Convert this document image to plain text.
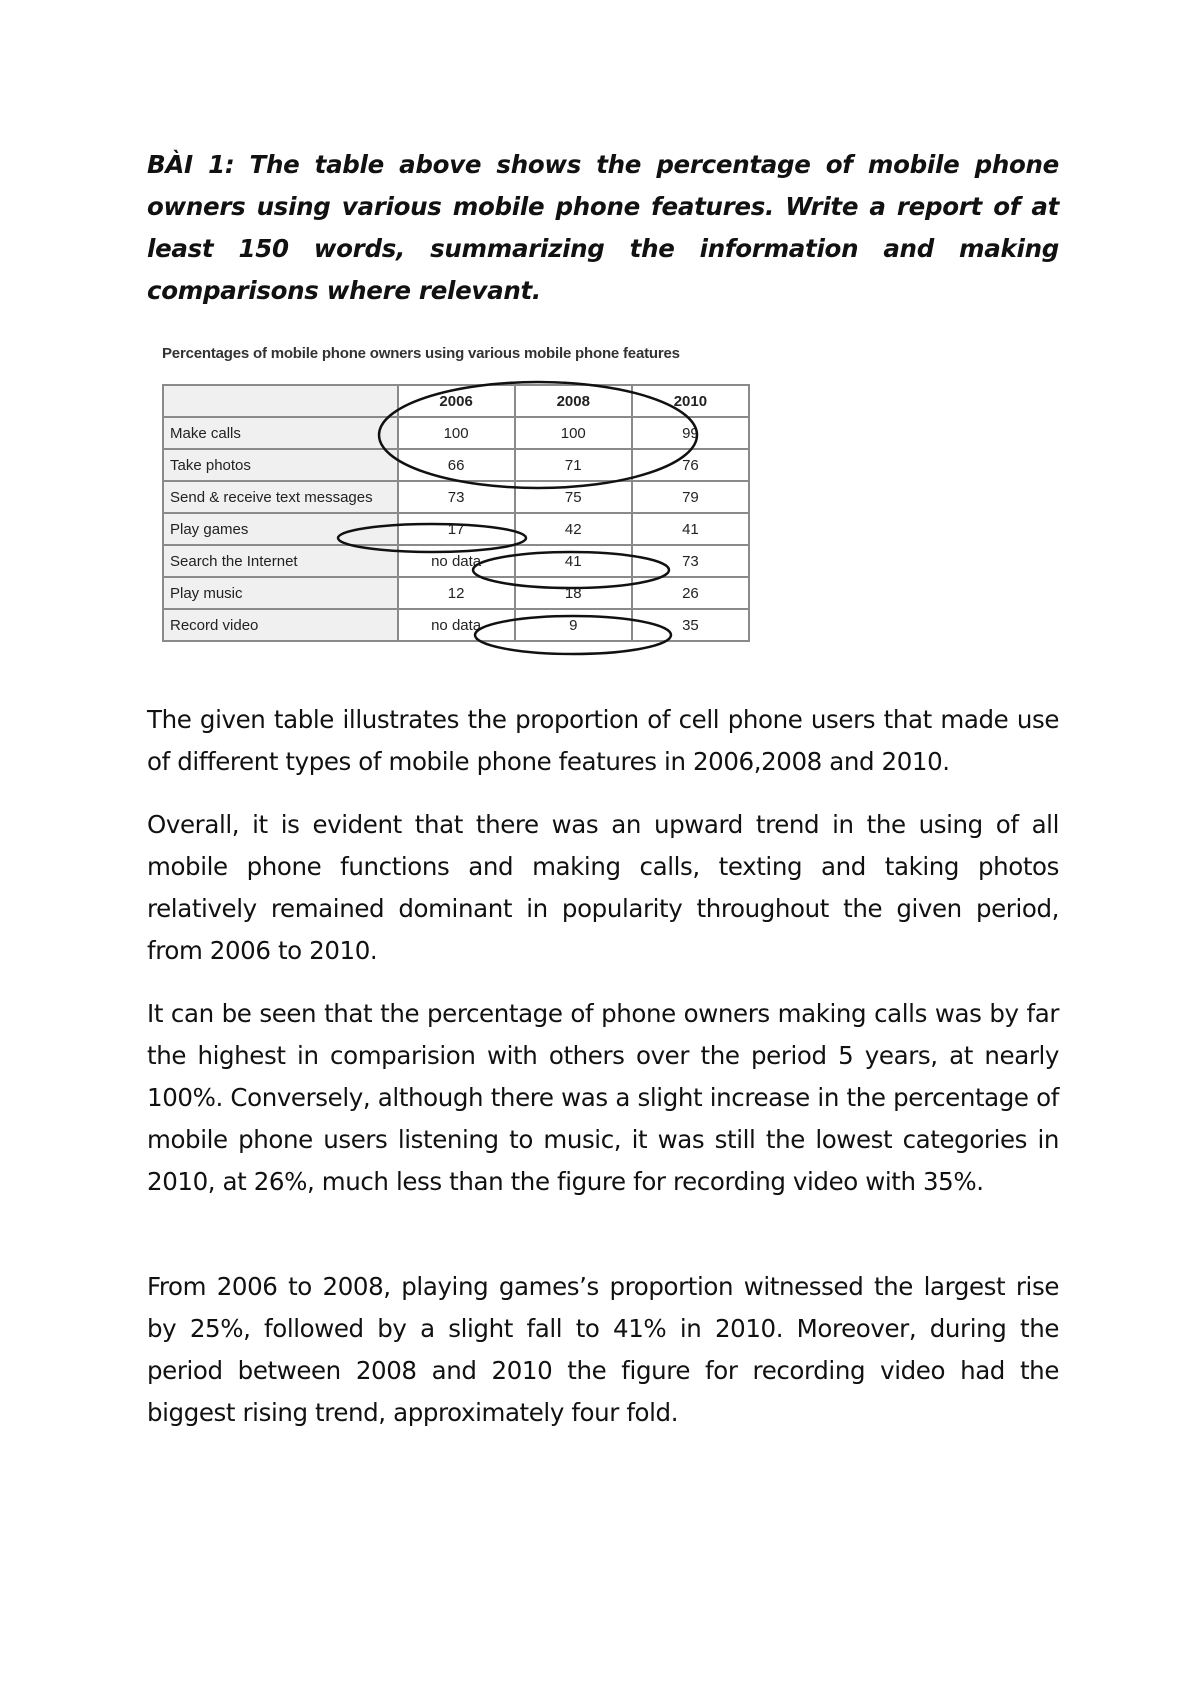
BÀI 1: The table above shows the percentage of mobile phone owners using various mobile phone features. Write a report of at least 150 words, summarizing the information and making comparisons where relevant.

Percentages of mobile phone owners using various mobile phone features

	2006	2008	2010
Make calls	100	100	99
Take photos	66	71	76
Send & receive text messages	73	75	79
Play games	17	42	41
Search the Internet	no data	41	73
Play music	12	18	26
Record video	no data	9	35

The given table illustrates the proportion of cell phone users that made use of different types of mobile phone features in 2006,2008 and 2010.

Overall, it is evident that there was an upward trend in the using of all mobile phone functions and making calls, texting and taking photos relatively remained dominant in popularity throughout the given period, from 2006 to 2010.

It can be seen that the percentage of phone owners making calls was by far the highest in comparision with others over the period 5 years, at nearly 100%. Conversely, although there was a slight increase in the percentage of mobile phone users listening to music, it was still the lowest categories in 2010, at 26%, much less than the figure for recording video with 35%.

From 2006 to 2008, playing games’s proportion witnessed the largest rise by 25%, followed by a slight fall to 41% in 2010. Moreover, during the period between 2008 and 2010 the figure for recording video had the biggest rising trend, approximately four fold.
